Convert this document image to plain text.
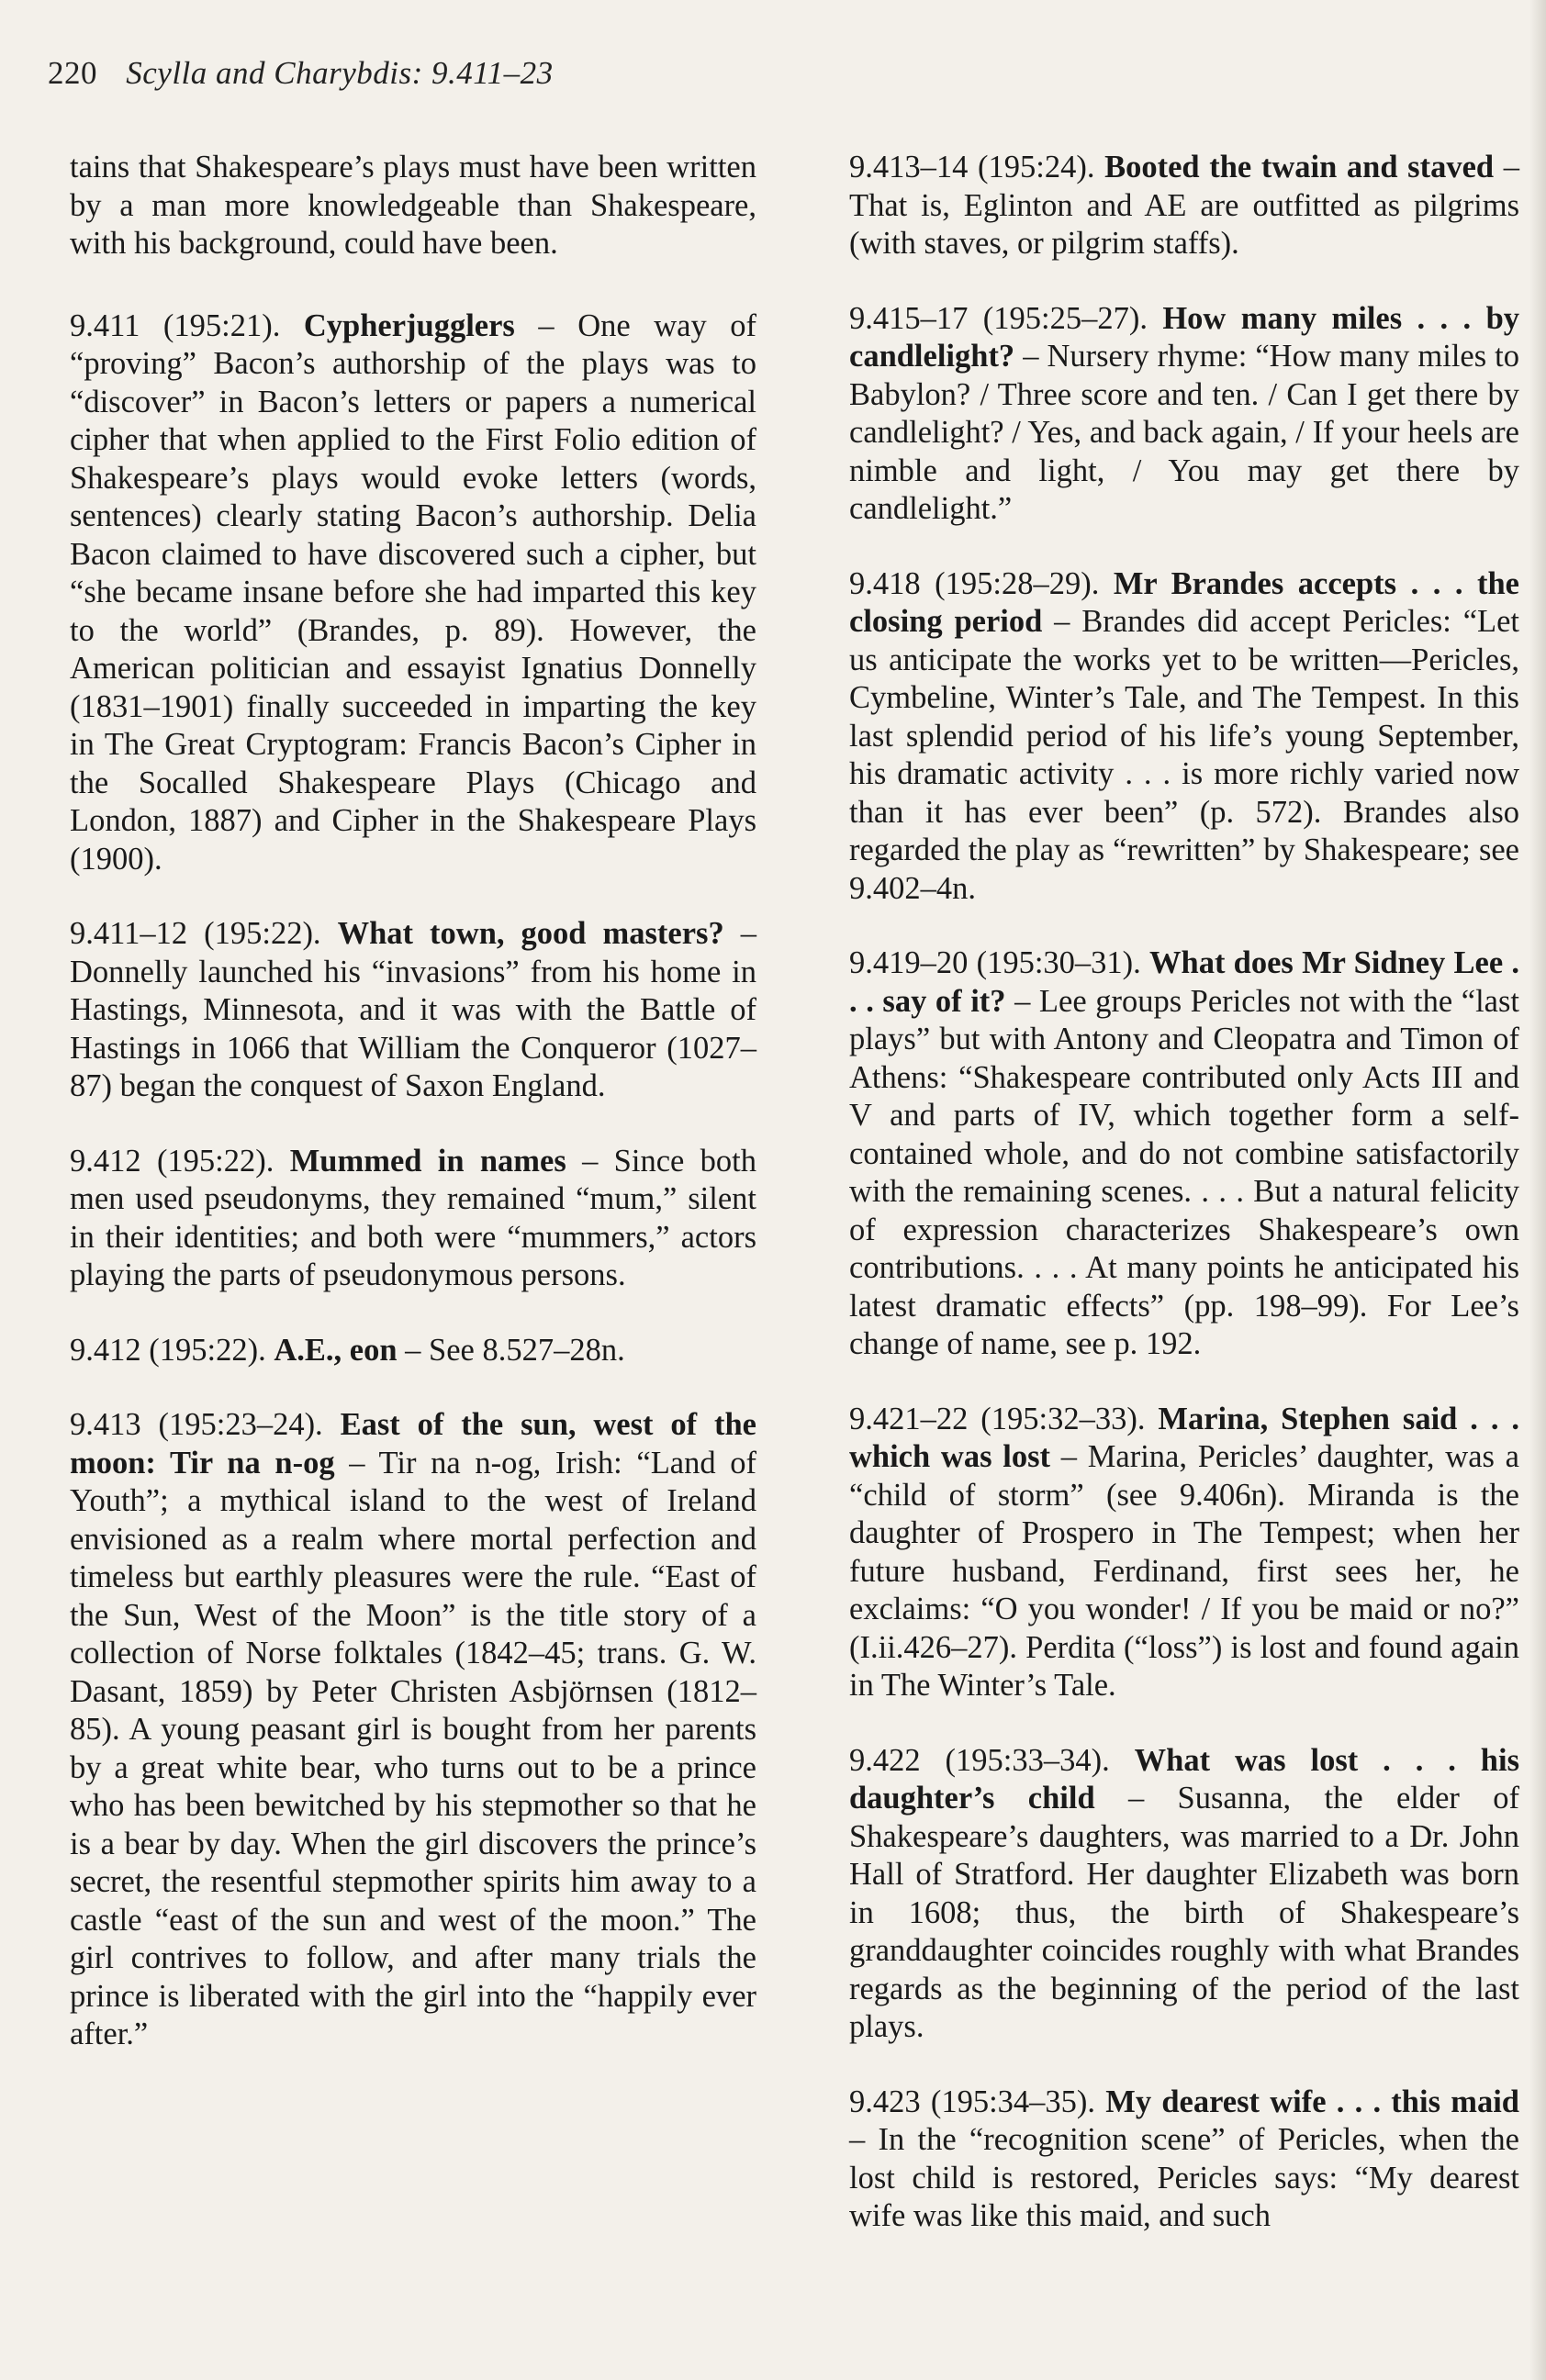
220 Scylla and Charybdis: 9.411–23

tains that Shakespeare’s plays must have been written by a man more knowledgeable than Shakespeare, with his background, could have been.

9.411 (195:21). Cypherjugglers – One way of “proving” Bacon’s authorship of the plays was to “discover” in Bacon’s letters or papers a numerical cipher that when applied to the First Folio edition of Shakespeare’s plays would evoke letters (words, sentences) clearly stating Bacon’s authorship. Delia Bacon claimed to have discovered such a cipher, but “she became insane before she had imparted this key to the world” (Brandes, p. 89). However, the American politician and essayist Ignatius Donnelly (1831–1901) finally succeeded in imparting the key in The Great Cryptogram: Francis Bacon’s Cipher in the Socalled Shakespeare Plays (Chicago and London, 1887) and Cipher in the Shakespeare Plays (1900).

9.411–12 (195:22). What town, good masters? – Donnelly launched his “invasions” from his home in Hastings, Minnesota, and it was with the Battle of Hastings in 1066 that William the Conqueror (1027–87) began the conquest of Saxon England.

9.412 (195:22). Mummed in names – Since both men used pseudonyms, they remained “mum,” silent in their identities; and both were “mummers,” actors playing the parts of pseudonymous persons.

9.412 (195:22). A.E., eon – See 8.527–28n.

9.413 (195:23–24). East of the sun, west of the moon: Tir na n-og – Tir na n-og, Irish: “Land of Youth”; a mythical island to the west of Ireland envisioned as a realm where mortal perfection and timeless but earthly pleasures were the rule. “East of the Sun, West of the Moon” is the title story of a collection of Norse folktales (1842–45; trans. G. W. Dasant, 1859) by Peter Christen Asbjörnsen (1812–85). A young peasant girl is bought from her parents by a great white bear, who turns out to be a prince who has been bewitched by his stepmother so that he is a bear by day. When the girl discovers the prince’s secret, the resentful stepmother spirits him away to a castle “east of the sun and west of the moon.” The girl contrives to follow, and after many trials the prince is liberated with the girl into the “happily ever after.”

9.413–14 (195:24). Booted the twain and staved – That is, Eglinton and AE are outfitted as pilgrims (with staves, or pilgrim staffs).

9.415–17 (195:25–27). How many miles . . . by candlelight? – Nursery rhyme: “How many miles to Babylon? / Three score and ten. / Can I get there by candlelight? / Yes, and back again, / If your heels are nimble and light, / You may get there by candlelight.”

9.418 (195:28–29). Mr Brandes accepts . . . the closing period – Brandes did accept Pericles: “Let us anticipate the works yet to be written—Pericles, Cymbeline, Winter’s Tale, and The Tempest. In this last splendid period of his life’s young September, his dramatic activity . . . is more richly varied now than it has ever been” (p. 572). Brandes also regarded the play as “rewritten” by Shakespeare; see 9.402–4n.

9.419–20 (195:30–31). What does Mr Sidney Lee . . . say of it? – Lee groups Pericles not with the “last plays” but with Antony and Cleopatra and Timon of Athens: “Shakespeare contributed only Acts III and V and parts of IV, which together form a self-contained whole, and do not combine satisfactorily with the remaining scenes. . . . But a natural felicity of expression characterizes Shakespeare’s own contributions. . . . At many points he anticipated his latest dramatic effects” (pp. 198–99). For Lee’s change of name, see p. 192.

9.421–22 (195:32–33). Marina, Stephen said . . . which was lost – Marina, Pericles’ daughter, was a “child of storm” (see 9.406n). Miranda is the daughter of Prospero in The Tempest; when her future husband, Ferdinand, first sees her, he exclaims: “O you wonder! / If you be maid or no?” (I.ii.426–27). Perdita (“loss”) is lost and found again in The Winter’s Tale.

9.422 (195:33–34). What was lost . . . his daughter’s child – Susanna, the elder of Shakespeare’s daughters, was married to a Dr. John Hall of Stratford. Her daughter Elizabeth was born in 1608; thus, the birth of Shakespeare’s granddaughter coincides roughly with what Brandes regards as the beginning of the period of the last plays.

9.423 (195:34–35). My dearest wife . . . this maid – In the “recognition scene” of Pericles, when the lost child is restored, Pericles says: “My dearest wife was like this maid, and such
